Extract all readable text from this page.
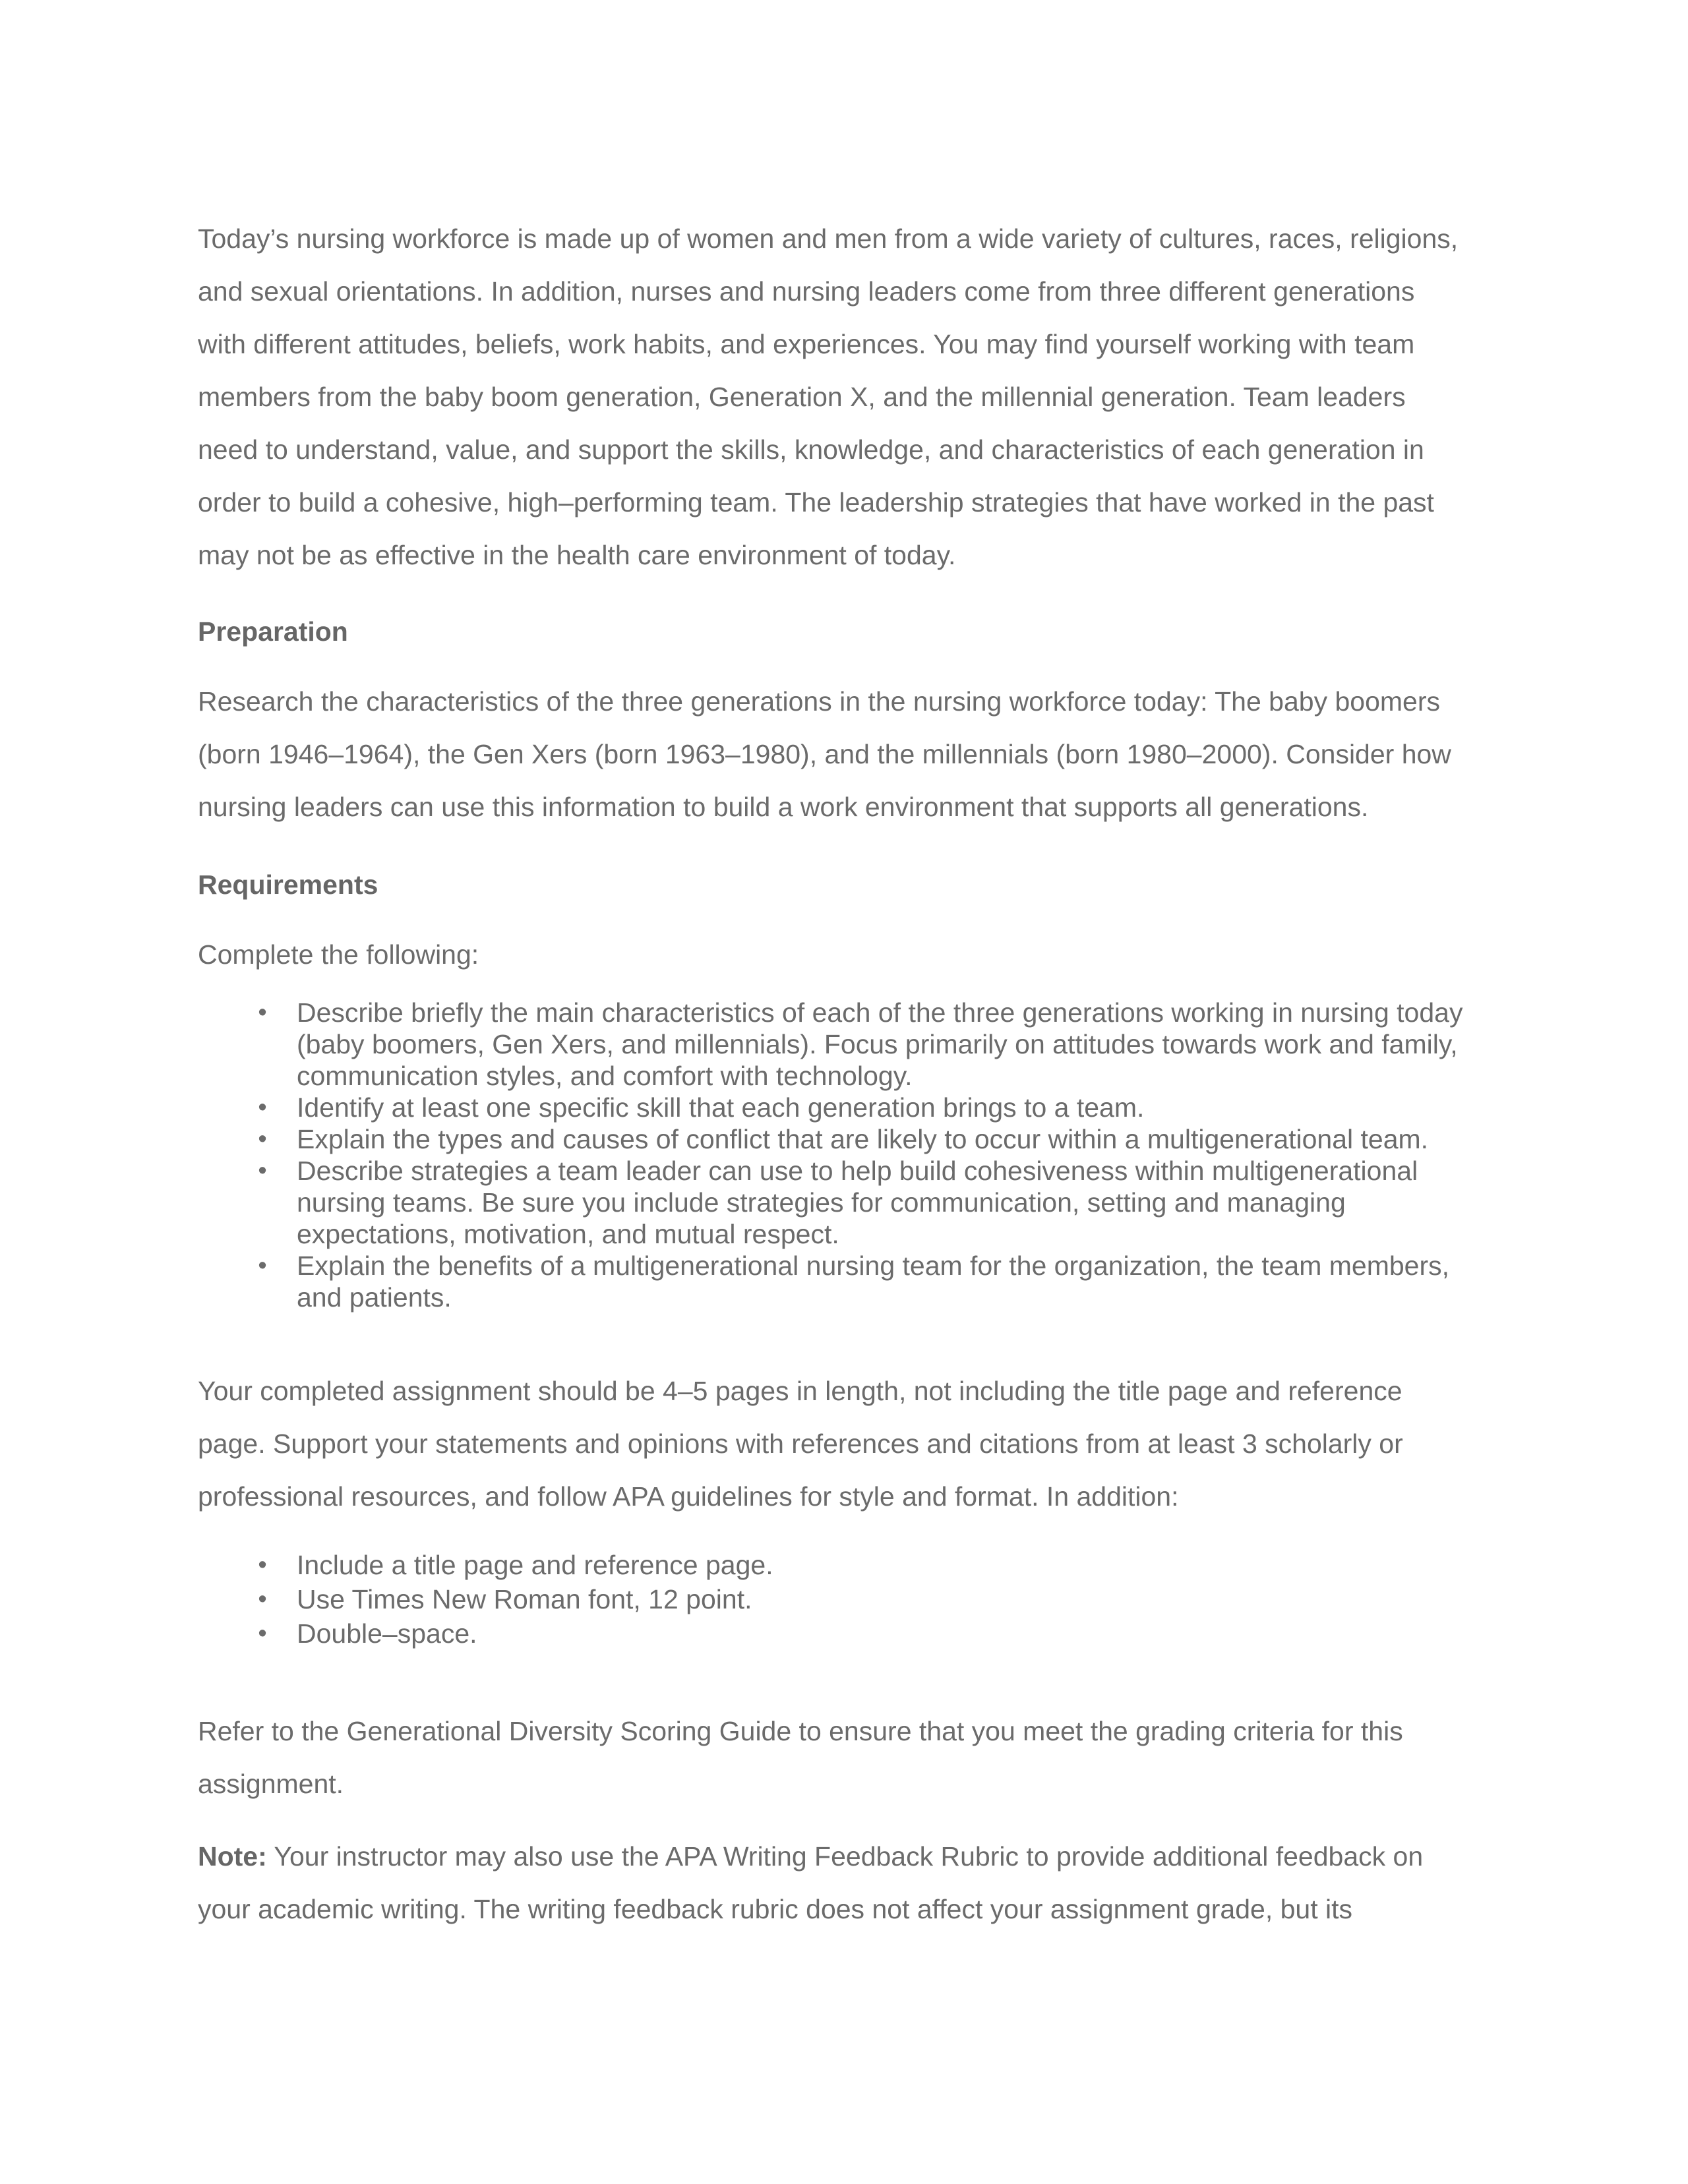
Today’s nursing workforce is made up of women and men from a wide variety of cultures, races, religions,
and sexual orientations. In addition, nurses and nursing leaders come from three different generations
with different attitudes, beliefs, work habits, and experiences. You may find yourself working with team
members from the baby boom generation, Generation X, and the millennial generation. Team leaders
need to understand, value, and support the skills, knowledge, and characteristics of each generation in
order to build a cohesive, high–performing team. The leadership strategies that have worked in the past
may not be as effective in the health care environment of today.
Preparation
Research the characteristics of the three generations in the nursing workforce today: The baby boomers
(born 1946–1964), the Gen Xers (born 1963–1980), and the millennials (born 1980–2000). Consider how
nursing leaders can use this information to build a work environment that supports all generations.
Requirements
Complete the following:
•	Describe briefly the main characteristics of each of the three generations working in nursing today
(baby boomers, Gen Xers, and millennials). Focus primarily on attitudes towards work and family,
communication styles, and comfort with technology.
•	Identify at least one specific skill that each generation brings to a team.
•	Explain the types and causes of conflict that are likely to occur within a multigenerational team.
•	Describe strategies a team leader can use to help build cohesiveness within multigenerational
nursing teams. Be sure you include strategies for communication, setting and managing
expectations, motivation, and mutual respect.
•	Explain the benefits of a multigenerational nursing team for the organization, the team members,
and patients.
Your completed assignment should be 4–5 pages in length, not including the title page and reference
page. Support your statements and opinions with references and citations from at least 3 scholarly or
professional resources, and follow APA guidelines for style and format. In addition:
•	Include a title page and reference page.
•	Use Times New Roman font, 12 point.
•	Double–space.
Refer to the Generational Diversity Scoring Guide to ensure that you meet the grading criteria for this
assignment.
Note: Your instructor may also use the APA Writing Feedback Rubric to provide additional feedback on
your academic writing. The writing feedback rubric does not affect your assignment grade, but its
